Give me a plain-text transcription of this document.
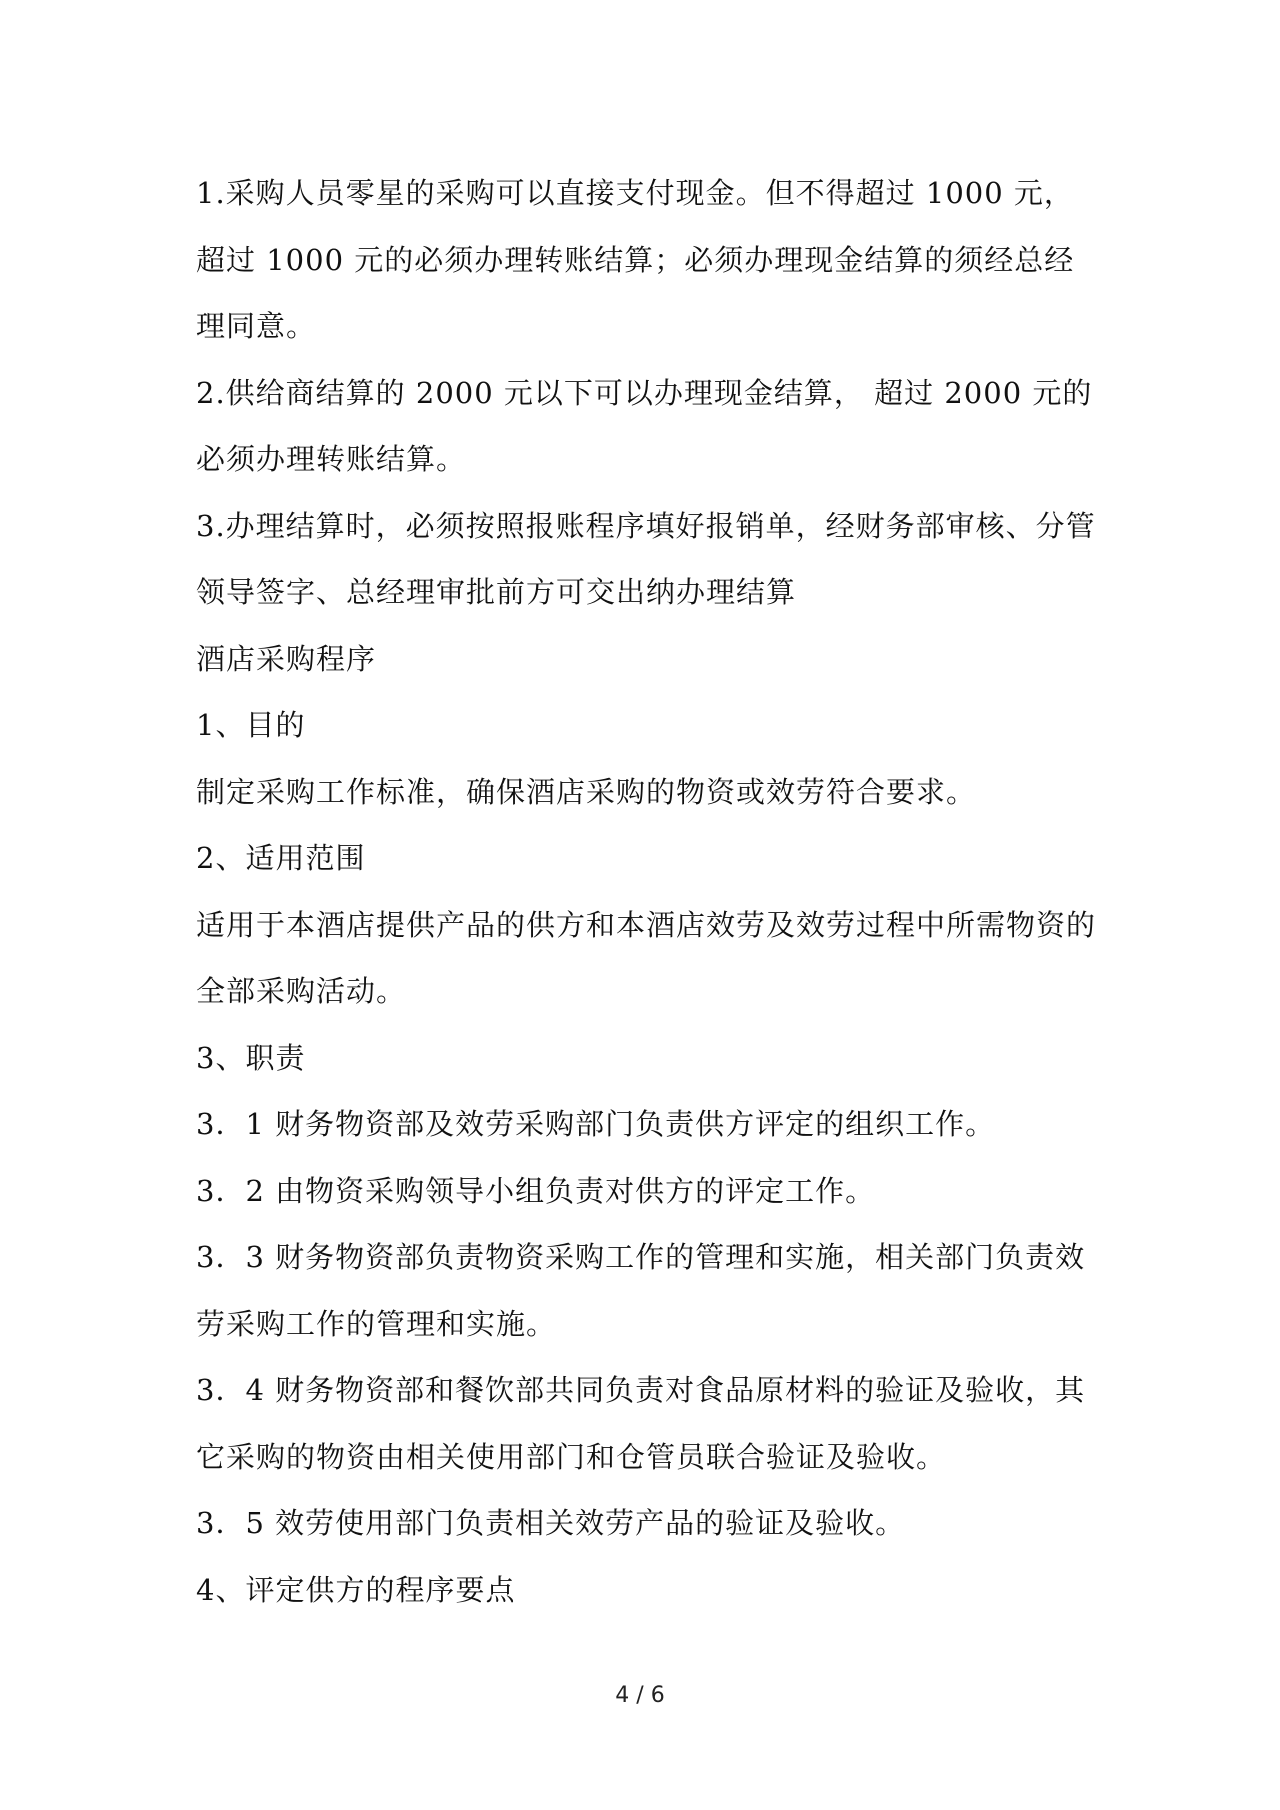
1.采购人员零星的采购可以直接支付现金。但不得超过 1000 元，超过 1000 元的必须办理转账结算；必须办理现金结算的须经总经理同意。

2.供给商结算的 2000 元以下可以办理现金结算， 超过 2000 元的必须办理转账结算。

3.办理结算时，必须按照报账程序填好报销单，经财务部审核、分管领导签字、总经理审批前方可交出纳办理结算

酒店采购程序

1、目的

制定采购工作标准，确保酒店采购的物资或效劳符合要求。

2、适用范围

适用于本酒店提供产品的供方和本酒店效劳及效劳过程中所需物资的全部采购活动。

3、职责

3．1 财务物资部及效劳采购部门负责供方评定的组织工作。

3．2 由物资采购领导小组负责对供方的评定工作。

3．3 财务物资部负责物资采购工作的管理和实施，相关部门负责效劳采购工作的管理和实施。

3．4 财务物资部和餐饮部共同负责对食品原材料的验证及验收，其它采购的物资由相关使用部门和仓管员联合验证及验收。

3．5 效劳使用部门负责相关效劳产品的验证及验收。

4、评定供方的程序要点

4 / 6
